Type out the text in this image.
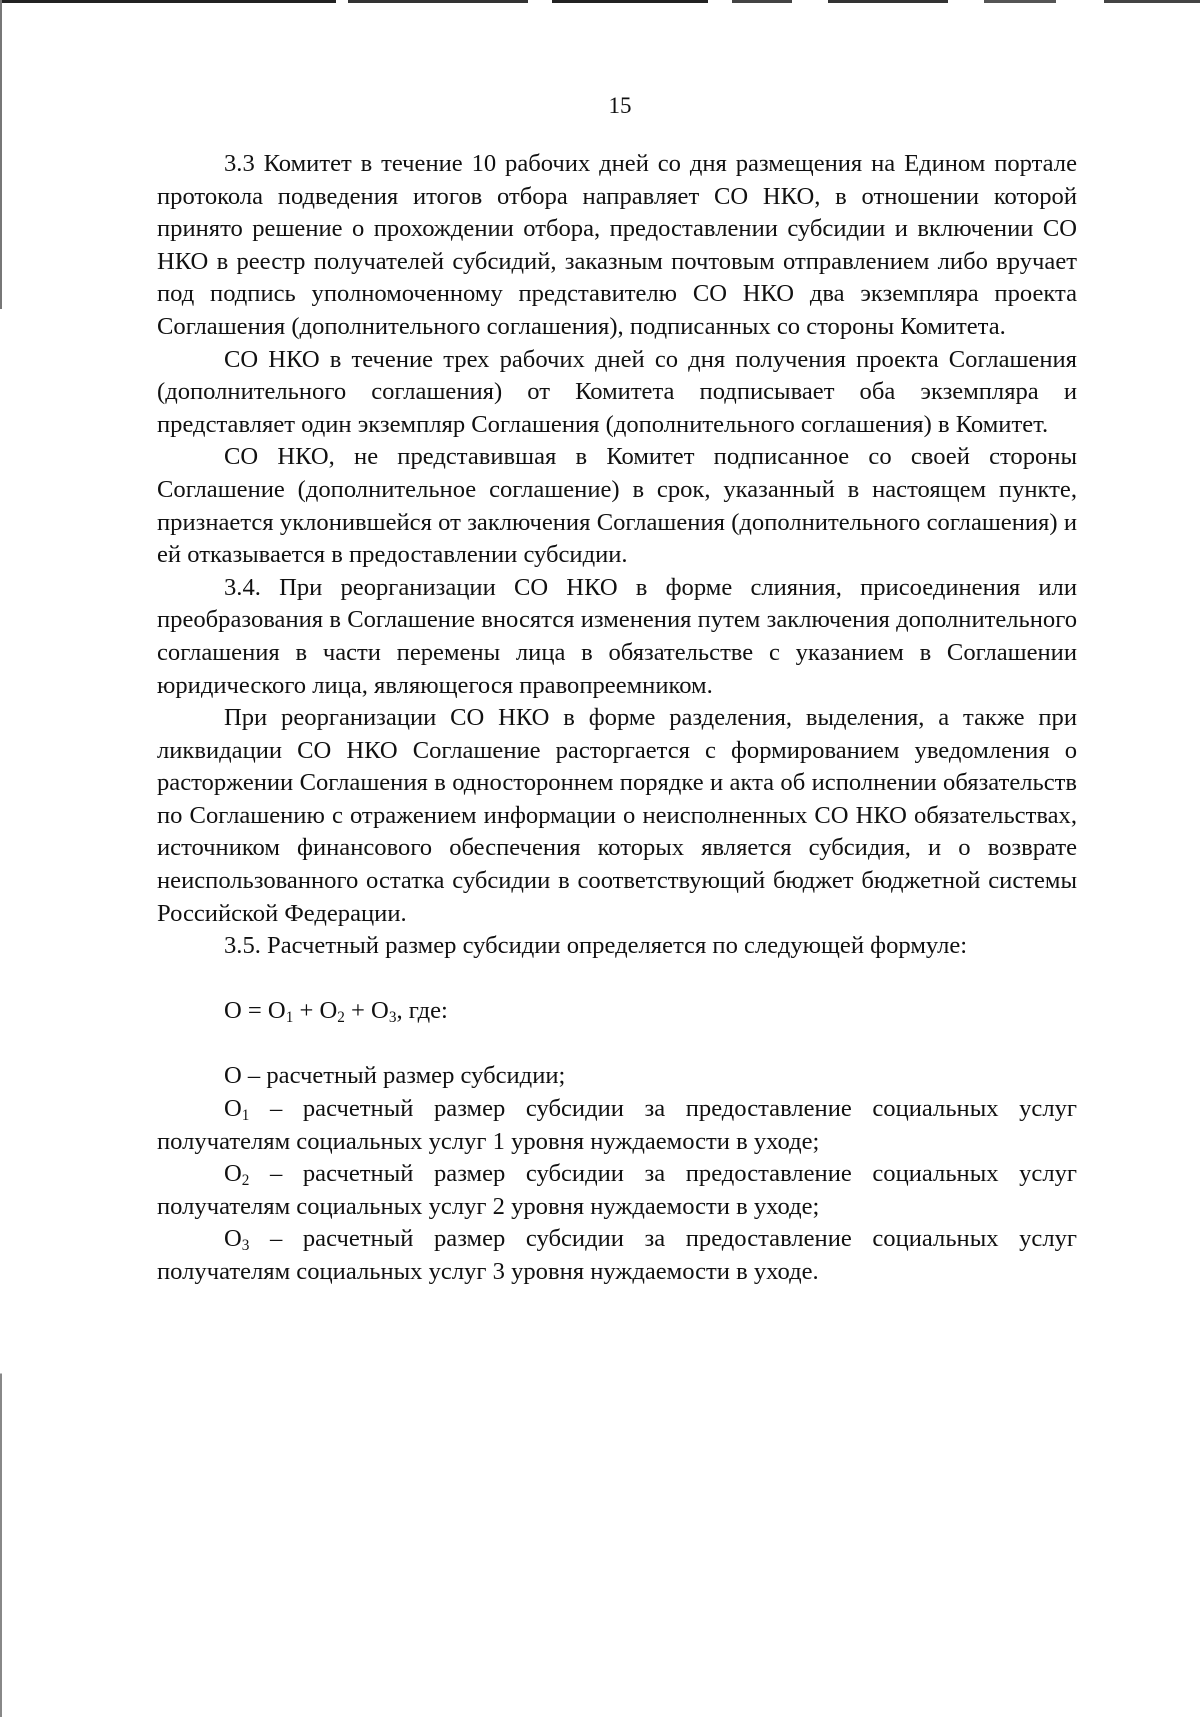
15

3.3 Комитет в течение 10 рабочих дней со дня размещения на Едином портале протокола подведения итогов отбора направляет СО НКО, в отношении которой принято решение о прохождении отбора, предоставлении субсидии и включении СО НКО в реестр получателей субсидий, заказным почтовым отправлением либо вручает под подпись уполномоченному представителю СО НКО два экземпляра проекта Соглашения (дополнительного соглашения), подписанных со стороны Комитета.

СО НКО в течение трех рабочих дней со дня получения проекта Соглашения (дополнительного соглашения) от Комитета подписывает оба экземпляра и представляет один экземпляр Соглашения (дополнительного соглашения) в Комитет.

СО НКО, не представившая в Комитет подписанное со своей стороны Соглашение (дополнительное соглашение) в срок, указанный в настоящем пункте, признается уклонившейся от заключения Соглашения (дополнительного соглашения) и ей отказывается в предоставлении субсидии.

3.4. При реорганизации СО НКО в форме слияния, присоединения или преобразования в Соглашение вносятся изменения путем заключения дополнительного соглашения в части перемены лица в обязательстве с указанием в Соглашении юридического лица, являющегося правопреемником.

При реорганизации СО НКО в форме разделения, выделения, а также при ликвидации СО НКО Соглашение расторгается с формированием уведомления о расторжении Соглашения в одностороннем порядке и акта об исполнении обязательств по Соглашению с отражением информации о неисполненных СО НКО обязательствах, источником финансового обеспечения которых является субсидия, и о возврате неиспользованного остатка субсидии в соответствующий бюджет бюджетной системы Российской Федерации.

3.5. Расчетный размер субсидии определяется по следующей формуле:

$О = О_1 + О_2 + О_3$, где:

О – расчетный размер субсидии;

$О_1$ – расчетный размер субсидии за предоставление социальных услуг получателям социальных услуг 1 уровня нуждаемости в уходе;

$О_2$ – расчетный размер субсидии за предоставление социальных услуг получателям социальных услуг 2 уровня нуждаемости в уходе;

$О_3$ – расчетный размер субсидии за предоставление социальных услуг получателям социальных услуг 3 уровня нуждаемости в уходе.
